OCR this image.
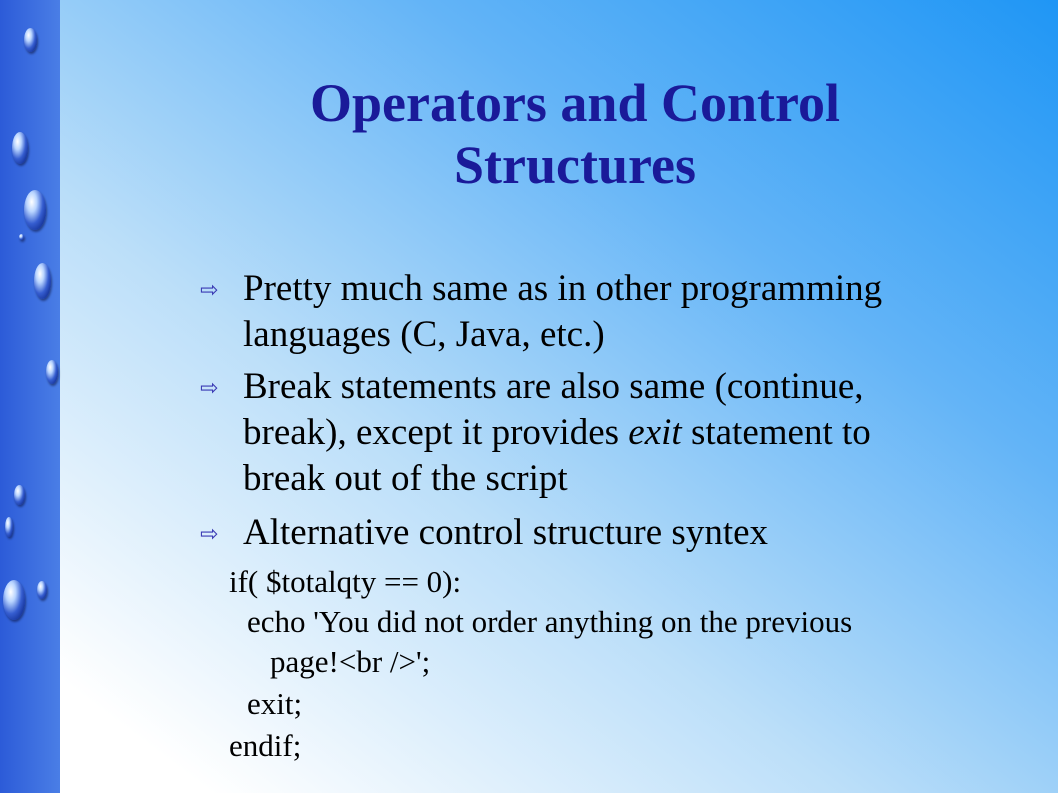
Operators and Control
Structures
⇨ Pretty much same as in other programming
languages (C, Java, etc.)
⇨ Break statements are also same (continue,
break), except it provides exit statement to
break out of the script
⇨ Alternative control structure syntex
if( $totalqty == 0):
echo 'You did not order anything on the previous
page!<br />';
exit;
endif;
